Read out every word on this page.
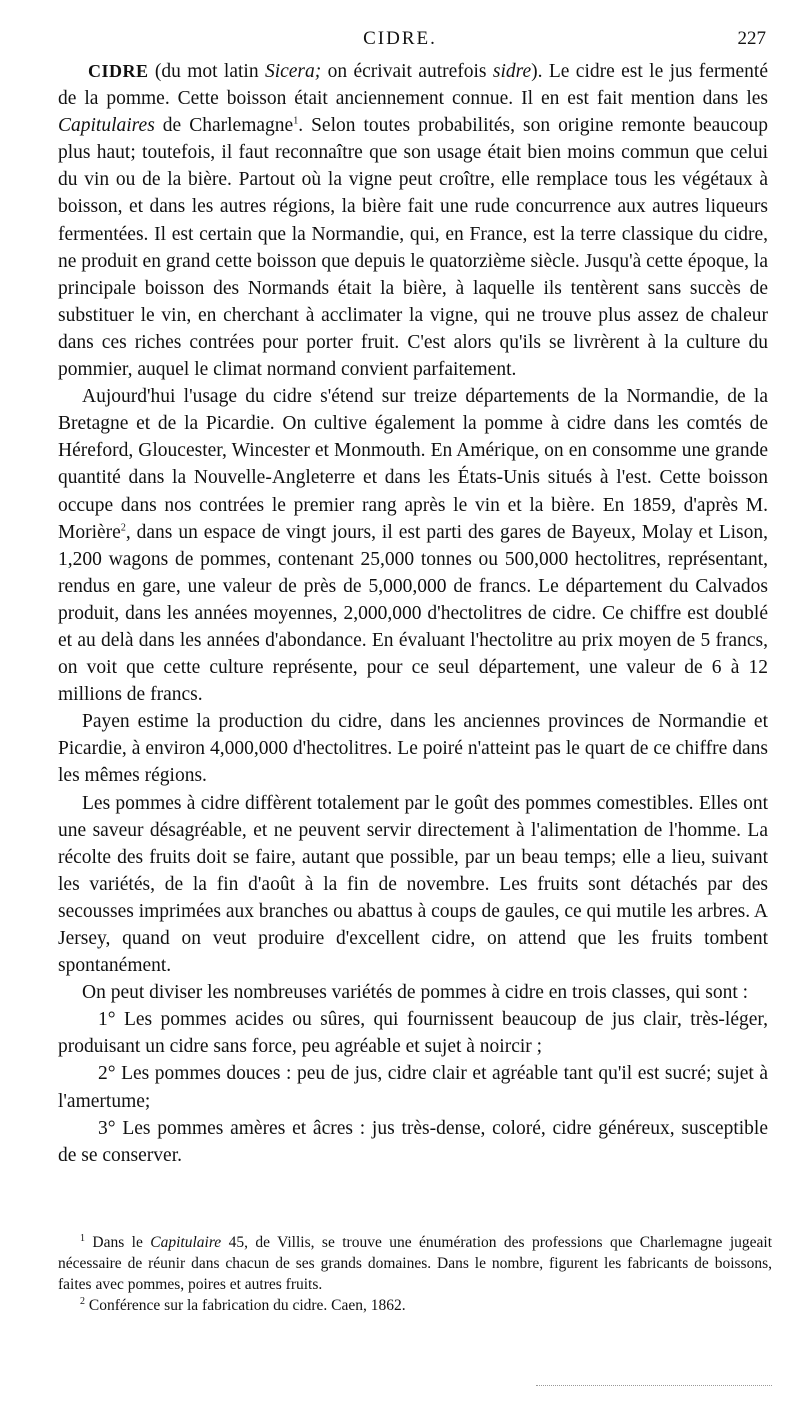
CIDRE.	227

CIDRE (du mot latin Sicera; on écrivait autrefois sidre). Le cidre est le jus fermenté de la pomme. Cette boisson était anciennement connue. Il en est fait mention dans les Capitulaires de Charlemagne$^1$. Selon toutes probabilités, son origine remonte beaucoup plus haut; toutefois, il faut reconnaître que son usage était bien moins commun que celui du vin ou de la bière. Partout où la vigne peut croître, elle remplace tous les végétaux à boisson, et dans les autres régions, la bière fait une rude concurrence aux autres liqueurs fermentées. Il est certain que la Normandie, qui, en France, est la terre classique du cidre, ne produit en grand cette boisson que depuis le quatorzième siècle. Jusqu'à cette époque, la principale boisson des Normands était la bière, à laquelle ils tentèrent sans succès de substituer le vin, en cherchant à acclimater la vigne, qui ne trouve plus assez de chaleur dans ces riches contrées pour porter fruit. C'est alors qu'ils se livrèrent à la culture du pommier, auquel le climat normand convient parfaitement.

Aujourd'hui l'usage du cidre s'étend sur treize départements de la Normandie, de la Bretagne et de la Picardie. On cultive également la pomme à cidre dans les comtés de Héreford, Gloucester, Wincester et Monmouth. En Amérique, on en consomme une grande quantité dans la Nouvelle-Angleterre et dans les États-Unis situés à l'est. Cette boisson occupe dans nos contrées le premier rang après le vin et la bière. En 1859, d'après M. Morière$^2$, dans un espace de vingt jours, il est parti des gares de Bayeux, Molay et Lison, 1,200 wagons de pommes, contenant 25,000 tonnes ou 500,000 hectolitres, représentant, rendus en gare, une valeur de près de 5,000,000 de francs. Le département du Calvados produit, dans les années moyennes, 2,000,000 d'hectolitres de cidre. Ce chiffre est doublé et au delà dans les années d'abondance. En évaluant l'hectolitre au prix moyen de 5 francs, on voit que cette culture représente, pour ce seul département, une valeur de 6 à 12 millions de francs.

Payen estime la production du cidre, dans les anciennes provinces de Normandie et Picardie, à environ 4,000,000 d'hectolitres. Le poiré n'atteint pas le quart de ce chiffre dans les mêmes régions.

Les pommes à cidre diffèrent totalement par le goût des pommes comestibles. Elles ont une saveur désagréable, et ne peuvent servir directement à l'alimentation de l'homme. La récolte des fruits doit se faire, autant que possible, par un beau temps; elle a lieu, suivant les variétés, de la fin d'août à la fin de novembre. Les fruits sont détachés par des secousses imprimées aux branches ou abattus à coups de gaules, ce qui mutile les arbres. A Jersey, quand on veut produire d'excellent cidre, on attend que les fruits tombent spontanément.

On peut diviser les nombreuses variétés de pommes à cidre en trois classes, qui sont :

1° Les pommes acides ou sûres, qui fournissent beaucoup de jus clair, très-léger, produisant un cidre sans force, peu agréable et sujet à noircir ;

2° Les pommes douces : peu de jus, cidre clair et agréable tant qu'il est sucré; sujet à l'amertume;

3° Les pommes amères et âcres : jus très-dense, coloré, cidre généreux, susceptible de se conserver.

$^1$ Dans le Capitulaire 45, de Villis, se trouve une énumération des professions que Charlemagne jugeait nécessaire de réunir dans chacun de ses grands domaines. Dans le nombre, figurent les fabricants de boissons, faites avec pommes, poires et autres fruits.

$^2$ Conférence sur la fabrication du cidre. Caen, 1862.
